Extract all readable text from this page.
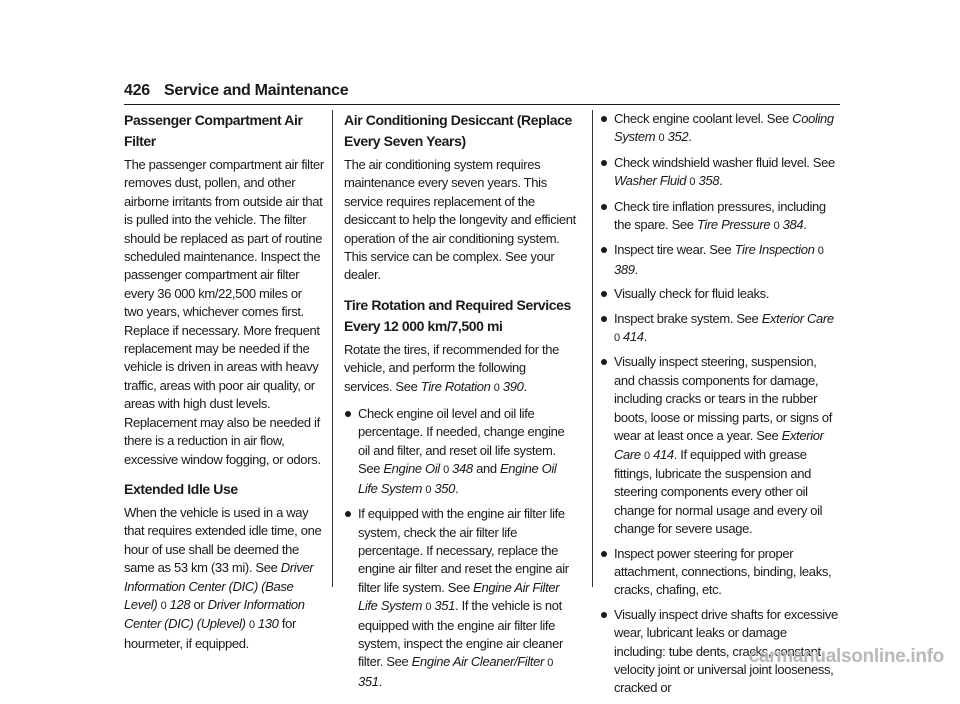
426 Service and Maintenance
Passenger Compartment Air Filter

The passenger compartment air filter removes dust, pollen, and other airborne irritants from outside air that is pulled into the vehicle. The filter should be replaced as part of routine scheduled maintenance. Inspect the passenger compartment air filter every 36 000 km/22,500 miles or two years, whichever comes first. Replace if necessary. More frequent replacement may be needed if the vehicle is driven in areas with heavy traffic, areas with poor air quality, or areas with high dust levels. Replacement may also be needed if there is a reduction in air flow, excessive window fogging, or odors.

Extended Idle Use

When the vehicle is used in a way that requires extended idle time, one hour of use shall be deemed the same as 53 km (33 mi). See Driver Information Center (DIC) (Base Level) 0 128 or Driver Information Center (DIC) (Uplevel) 0 130 for hourmeter, if equipped.

Air Conditioning Desiccant (Replace Every Seven Years)

The air conditioning system requires maintenance every seven years. This service requires replacement of the desiccant to help the longevity and efficient operation of the air conditioning system. This service can be complex. See your dealer.

Tire Rotation and Required Services Every 12 000 km/7,500 mi

Rotate the tires, if recommended for the vehicle, and perform the following services. See Tire Rotation 0 390.

Check engine oil level and oil life percentage. If needed, change engine oil and filter, and reset oil life system. See Engine Oil 0 348 and Engine Oil Life System 0 350.
If equipped with the engine air filter life system, check the air filter life percentage. If necessary, replace the engine air filter and reset the engine air filter life system. See Engine Air Filter Life System 0 351. If the vehicle is not equipped with the engine air filter life system, inspect the engine air cleaner filter. See Engine Air Cleaner/Filter 0 351.
Check engine coolant level. See Cooling System 0 352.
Check windshield washer fluid level. See Washer Fluid 0 358.
Check tire inflation pressures, including the spare. See Tire Pressure 0 384.
Inspect tire wear. See Tire Inspection 0 389.
Visually check for fluid leaks.
Inspect brake system. See Exterior Care 0 414.
Visually inspect steering, suspension, and chassis components for damage, including cracks or tears in the rubber boots, loose or missing parts, or signs of wear at least once a year. See Exterior Care 0 414. If equipped with grease fittings, lubricate the suspension and steering components every other oil change for normal usage and every oil change for severe usage.
Inspect power steering for proper attachment, connections, binding, leaks, cracks, chafing, etc.
Visually inspect drive shafts for excessive wear, lubricant leaks or damage including: tube dents, cracks, constant velocity joint or universal joint looseness, cracked or
carmanualsonline.info
